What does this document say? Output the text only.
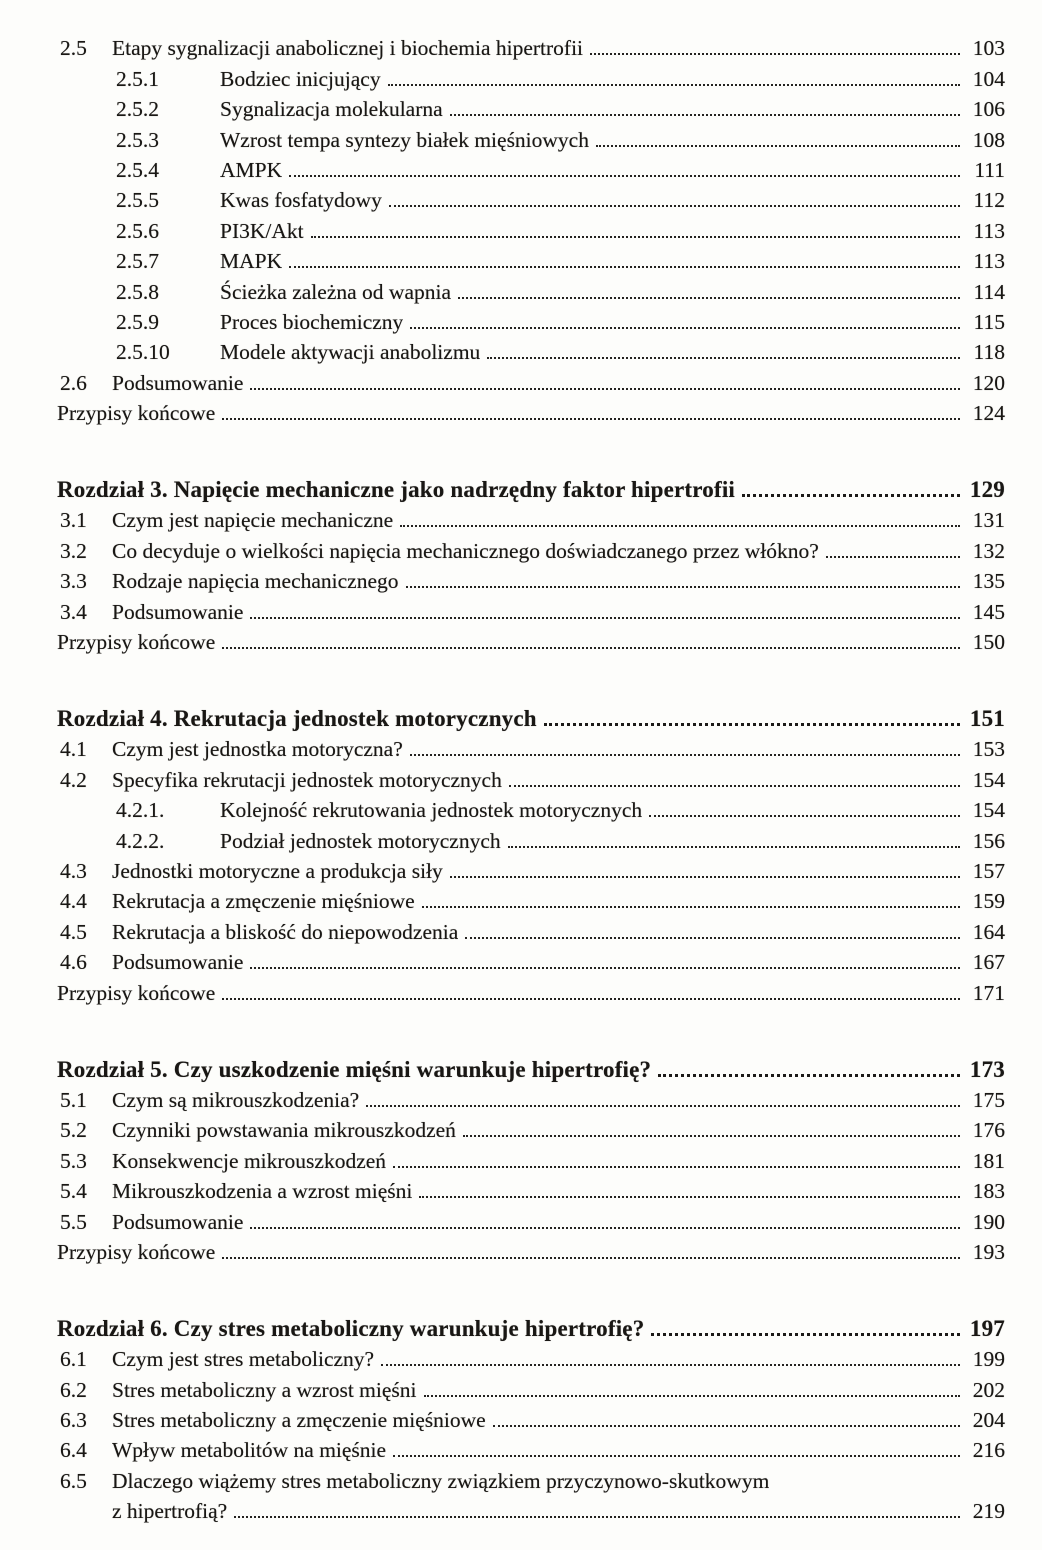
2.5	Etapy sygnalizacji anabolicznej i biochemia hipertrofii	103
2.5.1	Bodziec inicjujący	104
2.5.2	Sygnalizacja molekularna	106
2.5.3	Wzrost tempa syntezy białek mięśniowych	108
2.5.4	AMPK	111
2.5.5	Kwas fosfatydowy	112
2.5.6	PI3K/Akt	113
2.5.7	MAPK	113
2.5.8	Ścieżka zależna od wapnia	114
2.5.9	Proces biochemiczny	115
2.5.10	Modele aktywacji anabolizmu	118
2.6	Podsumowanie	120
Przypisy końcowe	124
Rozdział 3. Napięcie mechaniczne jako nadrzędny faktor hipertrofii	129
3.1	Czym jest napięcie mechaniczne	131
3.2	Co decyduje o wielkości napięcia mechanicznego doświadczanego przez włókno?	132
3.3	Rodzaje napięcia mechanicznego	135
3.4	Podsumowanie	145
Przypisy końcowe	150
Rozdział 4. Rekrutacja jednostek motorycznych	151
4.1	Czym jest jednostka motoryczna?	153
4.2	Specyfika rekrutacji jednostek motorycznych	154
4.2.1.	Kolejność rekrutowania jednostek motorycznych	154
4.2.2.	Podział jednostek motorycznych	156
4.3	Jednostki motoryczne a produkcja siły	157
4.4	Rekrutacja a zmęczenie mięśniowe	159
4.5	Rekrutacja a bliskość do niepowodzenia	164
4.6	Podsumowanie	167
Przypisy końcowe	171
Rozdział 5. Czy uszkodzenie mięśni warunkuje hipertrofię?	173
5.1	Czym są mikrouszkodzenia?	175
5.2	Czynniki powstawania mikrouszkodzeń	176
5.3	Konsekwencje mikrouszkodzeń	181
5.4	Mikrouszkodzenia a wzrost mięśni	183
5.5	Podsumowanie	190
Przypisy końcowe	193
Rozdział 6. Czy stres metaboliczny warunkuje hipertrofię?	197
6.1	Czym jest stres metaboliczny?	199
6.2	Stres metaboliczny a wzrost mięśni	202
6.3	Stres metaboliczny a zmęczenie mięśniowe	204
6.4	Wpływ metabolitów na mięśnie	216
6.5	Dlaczego wiążemy stres metaboliczny związkiem przyczynowo-skutkowym
z hipertrofią?	219
